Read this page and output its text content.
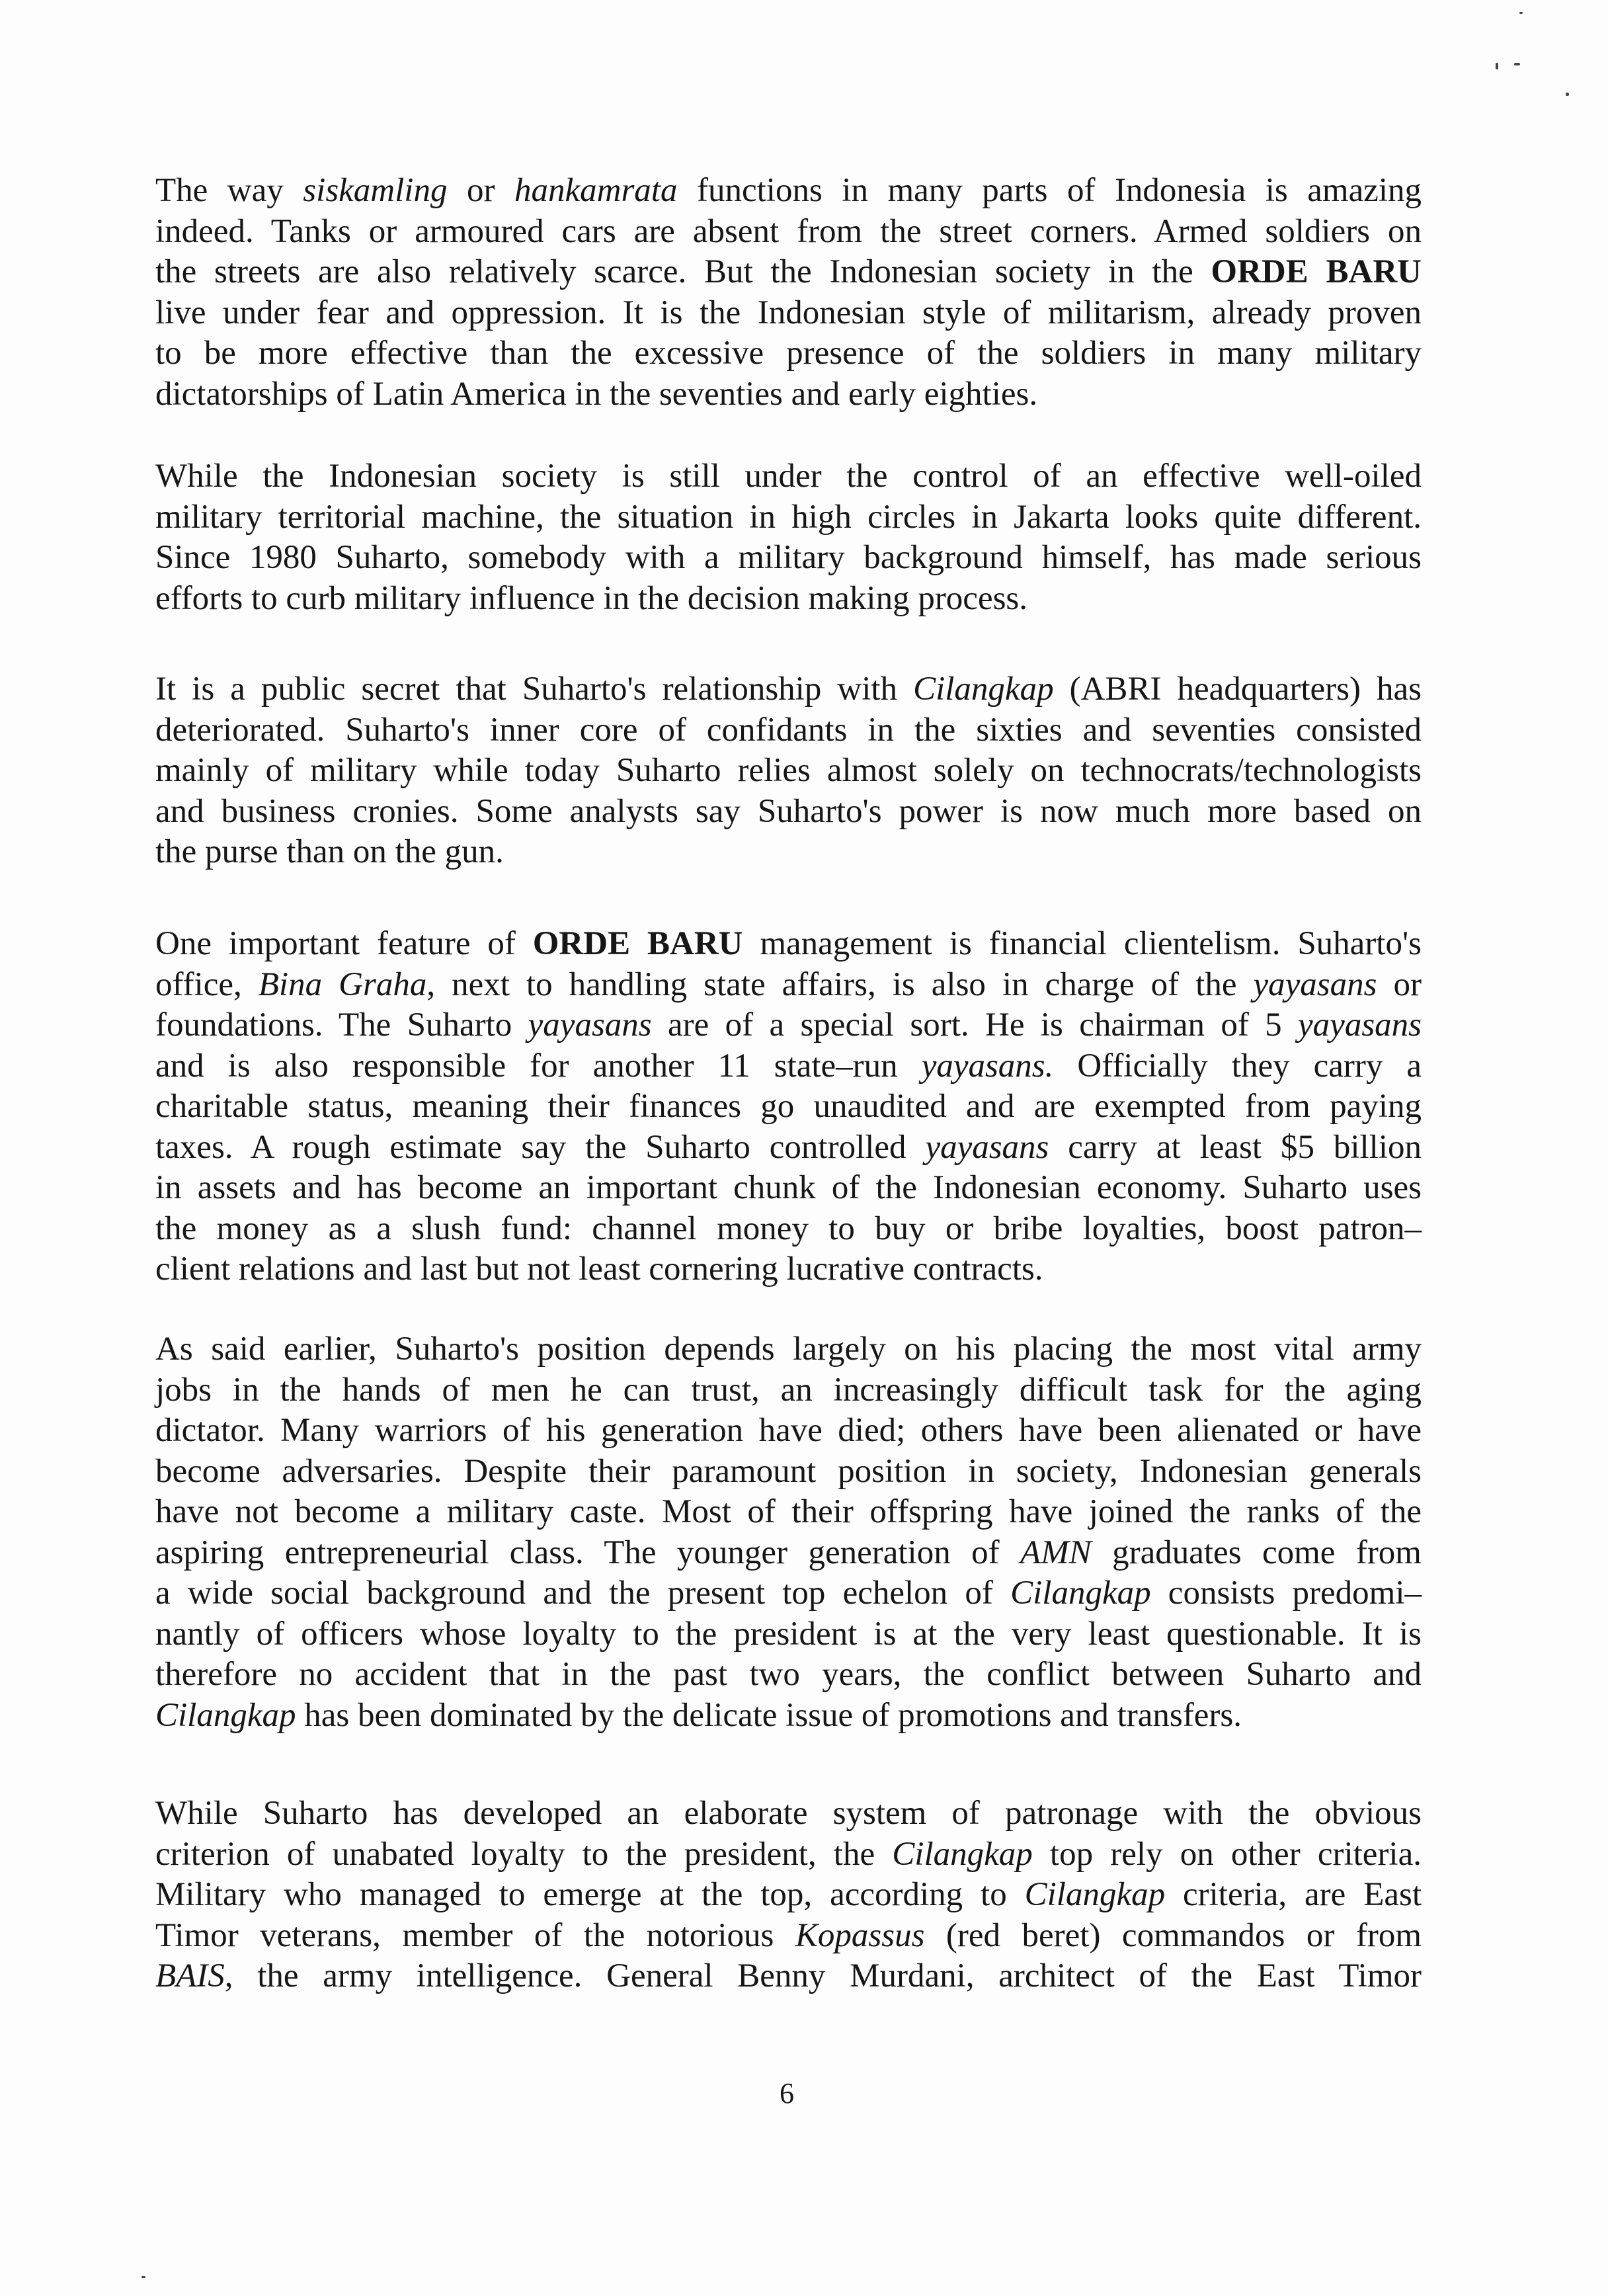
The way siskamling or hankamrata functions in many parts of Indonesia is amazing
indeed. Tanks or armoured cars are absent from the street corners. Armed soldiers on
the streets are also relatively scarce. But the Indonesian society in the ORDE BARU
live under fear and oppression. It is the Indonesian style of militarism, already proven
to be more effective than the excessive presence of the soldiers in many military
dictatorships of Latin America in the seventies and early eighties.
While the Indonesian society is still under the control of an effective well-oiled
military territorial machine, the situation in high circles in Jakarta looks quite different.
Since 1980 Suharto, somebody with a military background himself, has made serious
efforts to curb military influence in the decision making process.
It is a public secret that Suharto's relationship with Cilangkap (ABRI headquarters) has
deteriorated. Suharto's inner core of confidants in the sixties and seventies consisted
mainly of military while today Suharto relies almost solely on technocrats/technologists
and business cronies. Some analysts say Suharto's power is now much more based on
the purse than on the gun.
One important feature of ORDE BARU management is financial clientelism. Suharto's
office, Bina Graha, next to handling state affairs, is also in charge of the yayasans or
foundations. The Suharto yayasans are of a special sort. He is chairman of 5 yayasans
and is also responsible for another 11 state–run yayasans. Officially they carry a
charitable status, meaning their finances go unaudited and are exempted from paying
taxes. A rough estimate say the Suharto controlled yayasans carry at least $5 billion
in assets and has become an important chunk of the Indonesian economy. Suharto uses
the money as a slush fund: channel money to buy or bribe loyalties, boost patron–
client relations and last but not least cornering lucrative contracts.
As said earlier, Suharto's position depends largely on his placing the most vital army
jobs in the hands of men he can trust, an increasingly difficult task for the aging
dictator. Many warriors of his generation have died; others have been alienated or have
become adversaries. Despite their paramount position in society, Indonesian generals
have not become a military caste. Most of their offspring have joined the ranks of the
aspiring entrepreneurial class. The younger generation of AMN graduates come from
a wide social background and the present top echelon of Cilangkap consists predomi–
nantly of officers whose loyalty to the president is at the very least questionable. It is
therefore no accident that in the past two years, the conflict between Suharto and
Cilangkap has been dominated by the delicate issue of promotions and transfers.
While Suharto has developed an elaborate system of patronage with the obvious
criterion of unabated loyalty to the president, the Cilangkap top rely on other criteria.
Military who managed to emerge at the top, according to Cilangkap criteria, are East
Timor veterans, member of the notorious Kopassus (red beret) commandos or from
BAIS, the army intelligence. General Benny Murdani, architect of the East Timor
6
